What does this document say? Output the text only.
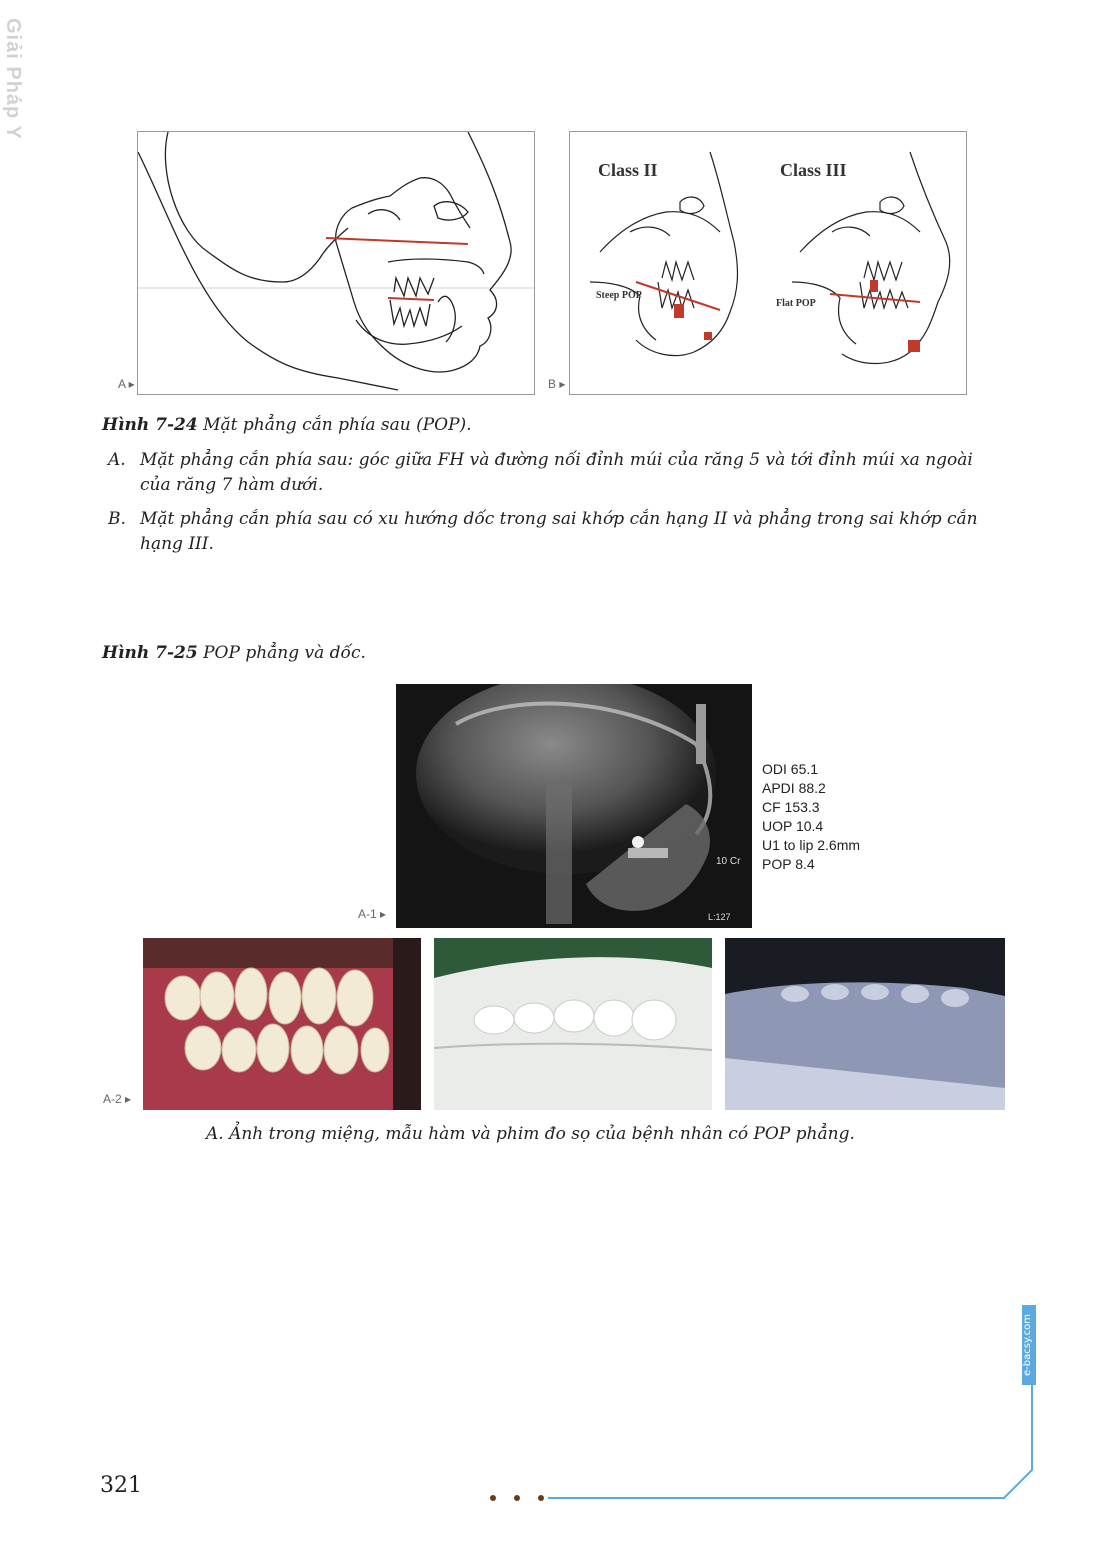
Giải Pháp Y
A ▸
Class II	Class III
Steep POP
Flat POP
B ▸
Hình 7-24 Mặt phẳng cắn phía sau (POP).
A. Mặt phẳng cắn phía sau: góc giữa FH và đường nối đỉnh múi của răng 5 và tới đỉnh múi xa ngoài của răng 7 hàm dưới.
B. Mặt phẳng cắn phía sau có xu hướng dốc trong sai khớp cắn hạng II và phẳng trong sai khớp cắn hạng III.
Hình 7-25 POP phẳng và dốc.
10 Cr
L:127
A-1 ▸
ODI 65.1
APDI 88.2
CF 153.3
UOP 10.4
U1 to lip 2.6mm
POP 8.4
A-2 ▸
A. Ảnh trong miệng, mẫu hàm và phim đo sọ của bệnh nhân có POP phẳng.
321
e-bacsy.com
